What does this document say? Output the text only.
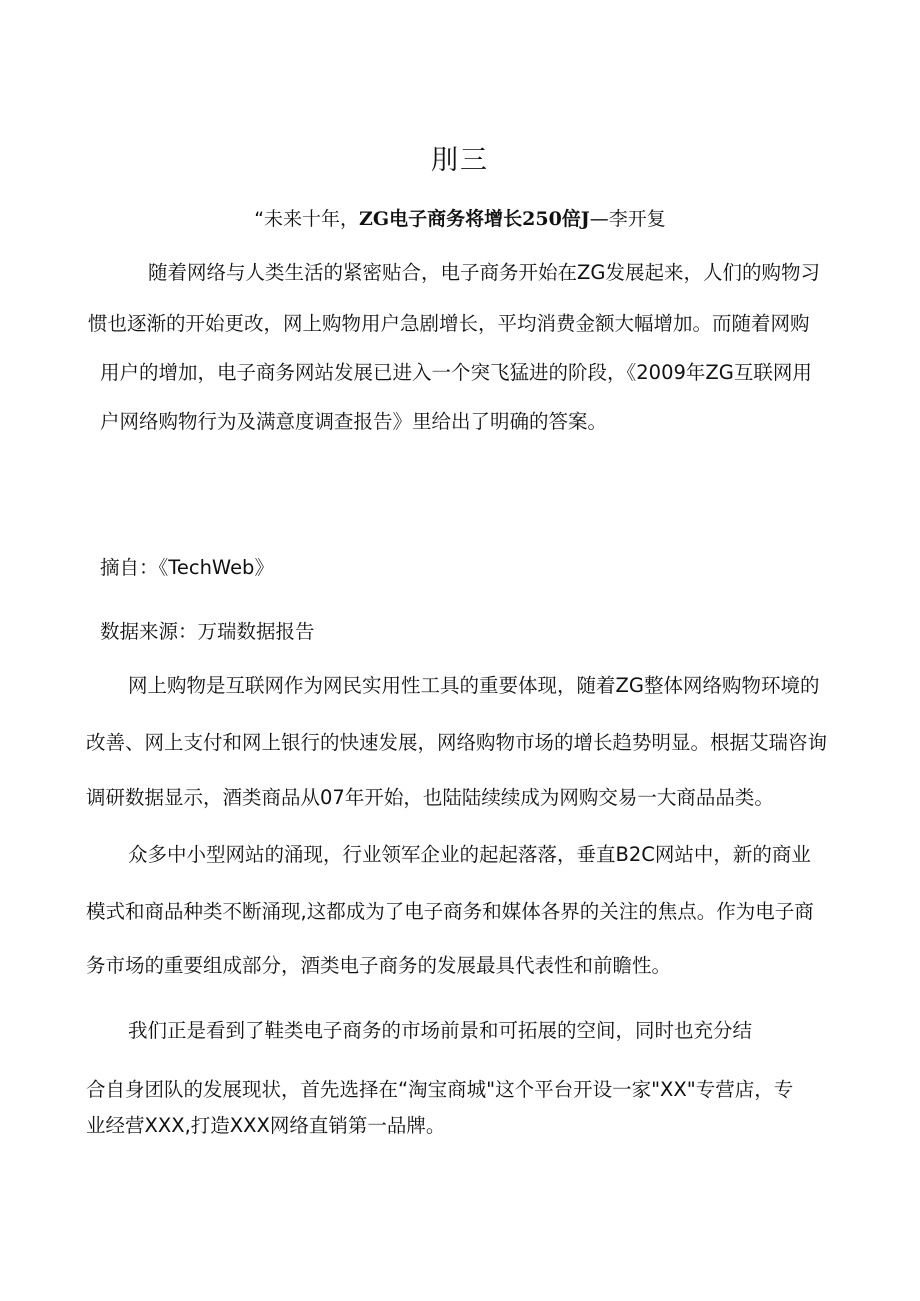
刖三
“未来十年，ZG电子商务将增长250倍J—李开复
随着网络与人类生活的紧密贴合，电子商务开始在ZG发展起来，人们的购物习
惯也逐渐的开始更改，网上购物用户急剧增长，平均消费金额大幅增加。而随着网购
用户的增加，电子商务网站发展已进入一个突飞猛进的阶段，《2009年ZG互联网用
户网络购物行为及满意度调查报告》里给出了明确的答案。
摘自：《TechWeb》
数据来源：万瑞数据报告
网上购物是互联网作为网民实用性工具的重要体现，随着ZG整体网络购物环境的
改善、网上支付和网上银行的快速发展，网络购物市场的增长趋势明显。根据艾瑞咨询
调研数据显示，酒类商品从07年开始，也陆陆续续成为网购交易一大商品品类。
众多中小型网站的涌现，行业领军企业的起起落落，垂直B2C网站中，新的商业
模式和商品种类不断涌现,这都成为了电子商务和媒体各界的关注的焦点。作为电子商
务市场的重要组成部分，酒类电子商务的发展最具代表性和前瞻性。
我们正是看到了鞋类电子商务的市场前景和可拓展的空间，同时也充分结
合自身团队的发展现状，首先选择在“淘宝商城"这个平台开设一家"XX"专营店，专
业经营XXX,打造XXX网络直销第一品牌。
